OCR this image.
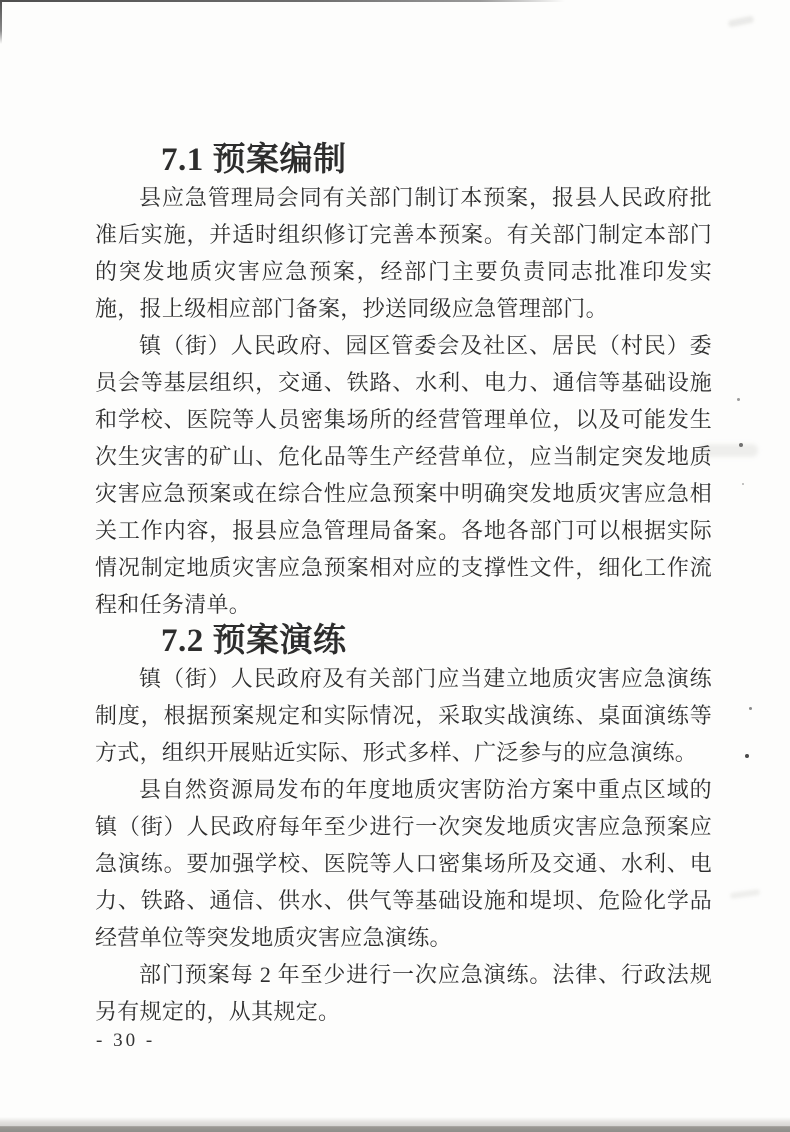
7.1 预案编制

县应急管理局会同有关部门制订本预案，报县人民政府批准后实施，并适时组织修订完善本预案。有关部门制定本部门的突发地质灾害应急预案，经部门主要负责同志批准印发实施，报上级相应部门备案，抄送同级应急管理部门。

镇（街）人民政府、园区管委会及社区、居民（村民）委员会等基层组织，交通、铁路、水利、电力、通信等基础设施和学校、医院等人员密集场所的经营管理单位，以及可能发生次生灾害的矿山、危化品等生产经营单位，应当制定突发地质灾害应急预案或在综合性应急预案中明确突发地质灾害应急相关工作内容，报县应急管理局备案。各地各部门可以根据实际情况制定地质灾害应急预案相对应的支撑性文件，细化工作流程和任务清单。

7.2 预案演练

镇（街）人民政府及有关部门应当建立地质灾害应急演练制度，根据预案规定和实际情况，采取实战演练、桌面演练等方式，组织开展贴近实际、形式多样、广泛参与的应急演练。

县自然资源局发布的年度地质灾害防治方案中重点区域的镇（街）人民政府每年至少进行一次突发地质灾害应急预案应急演练。要加强学校、医院等人口密集场所及交通、水利、电力、铁路、通信、供水、供气等基础设施和堤坝、危险化学品经营单位等突发地质灾害应急演练。

部门预案每 2 年至少进行一次应急演练。法律、行政法规另有规定的，从其规定。

- 30 -
